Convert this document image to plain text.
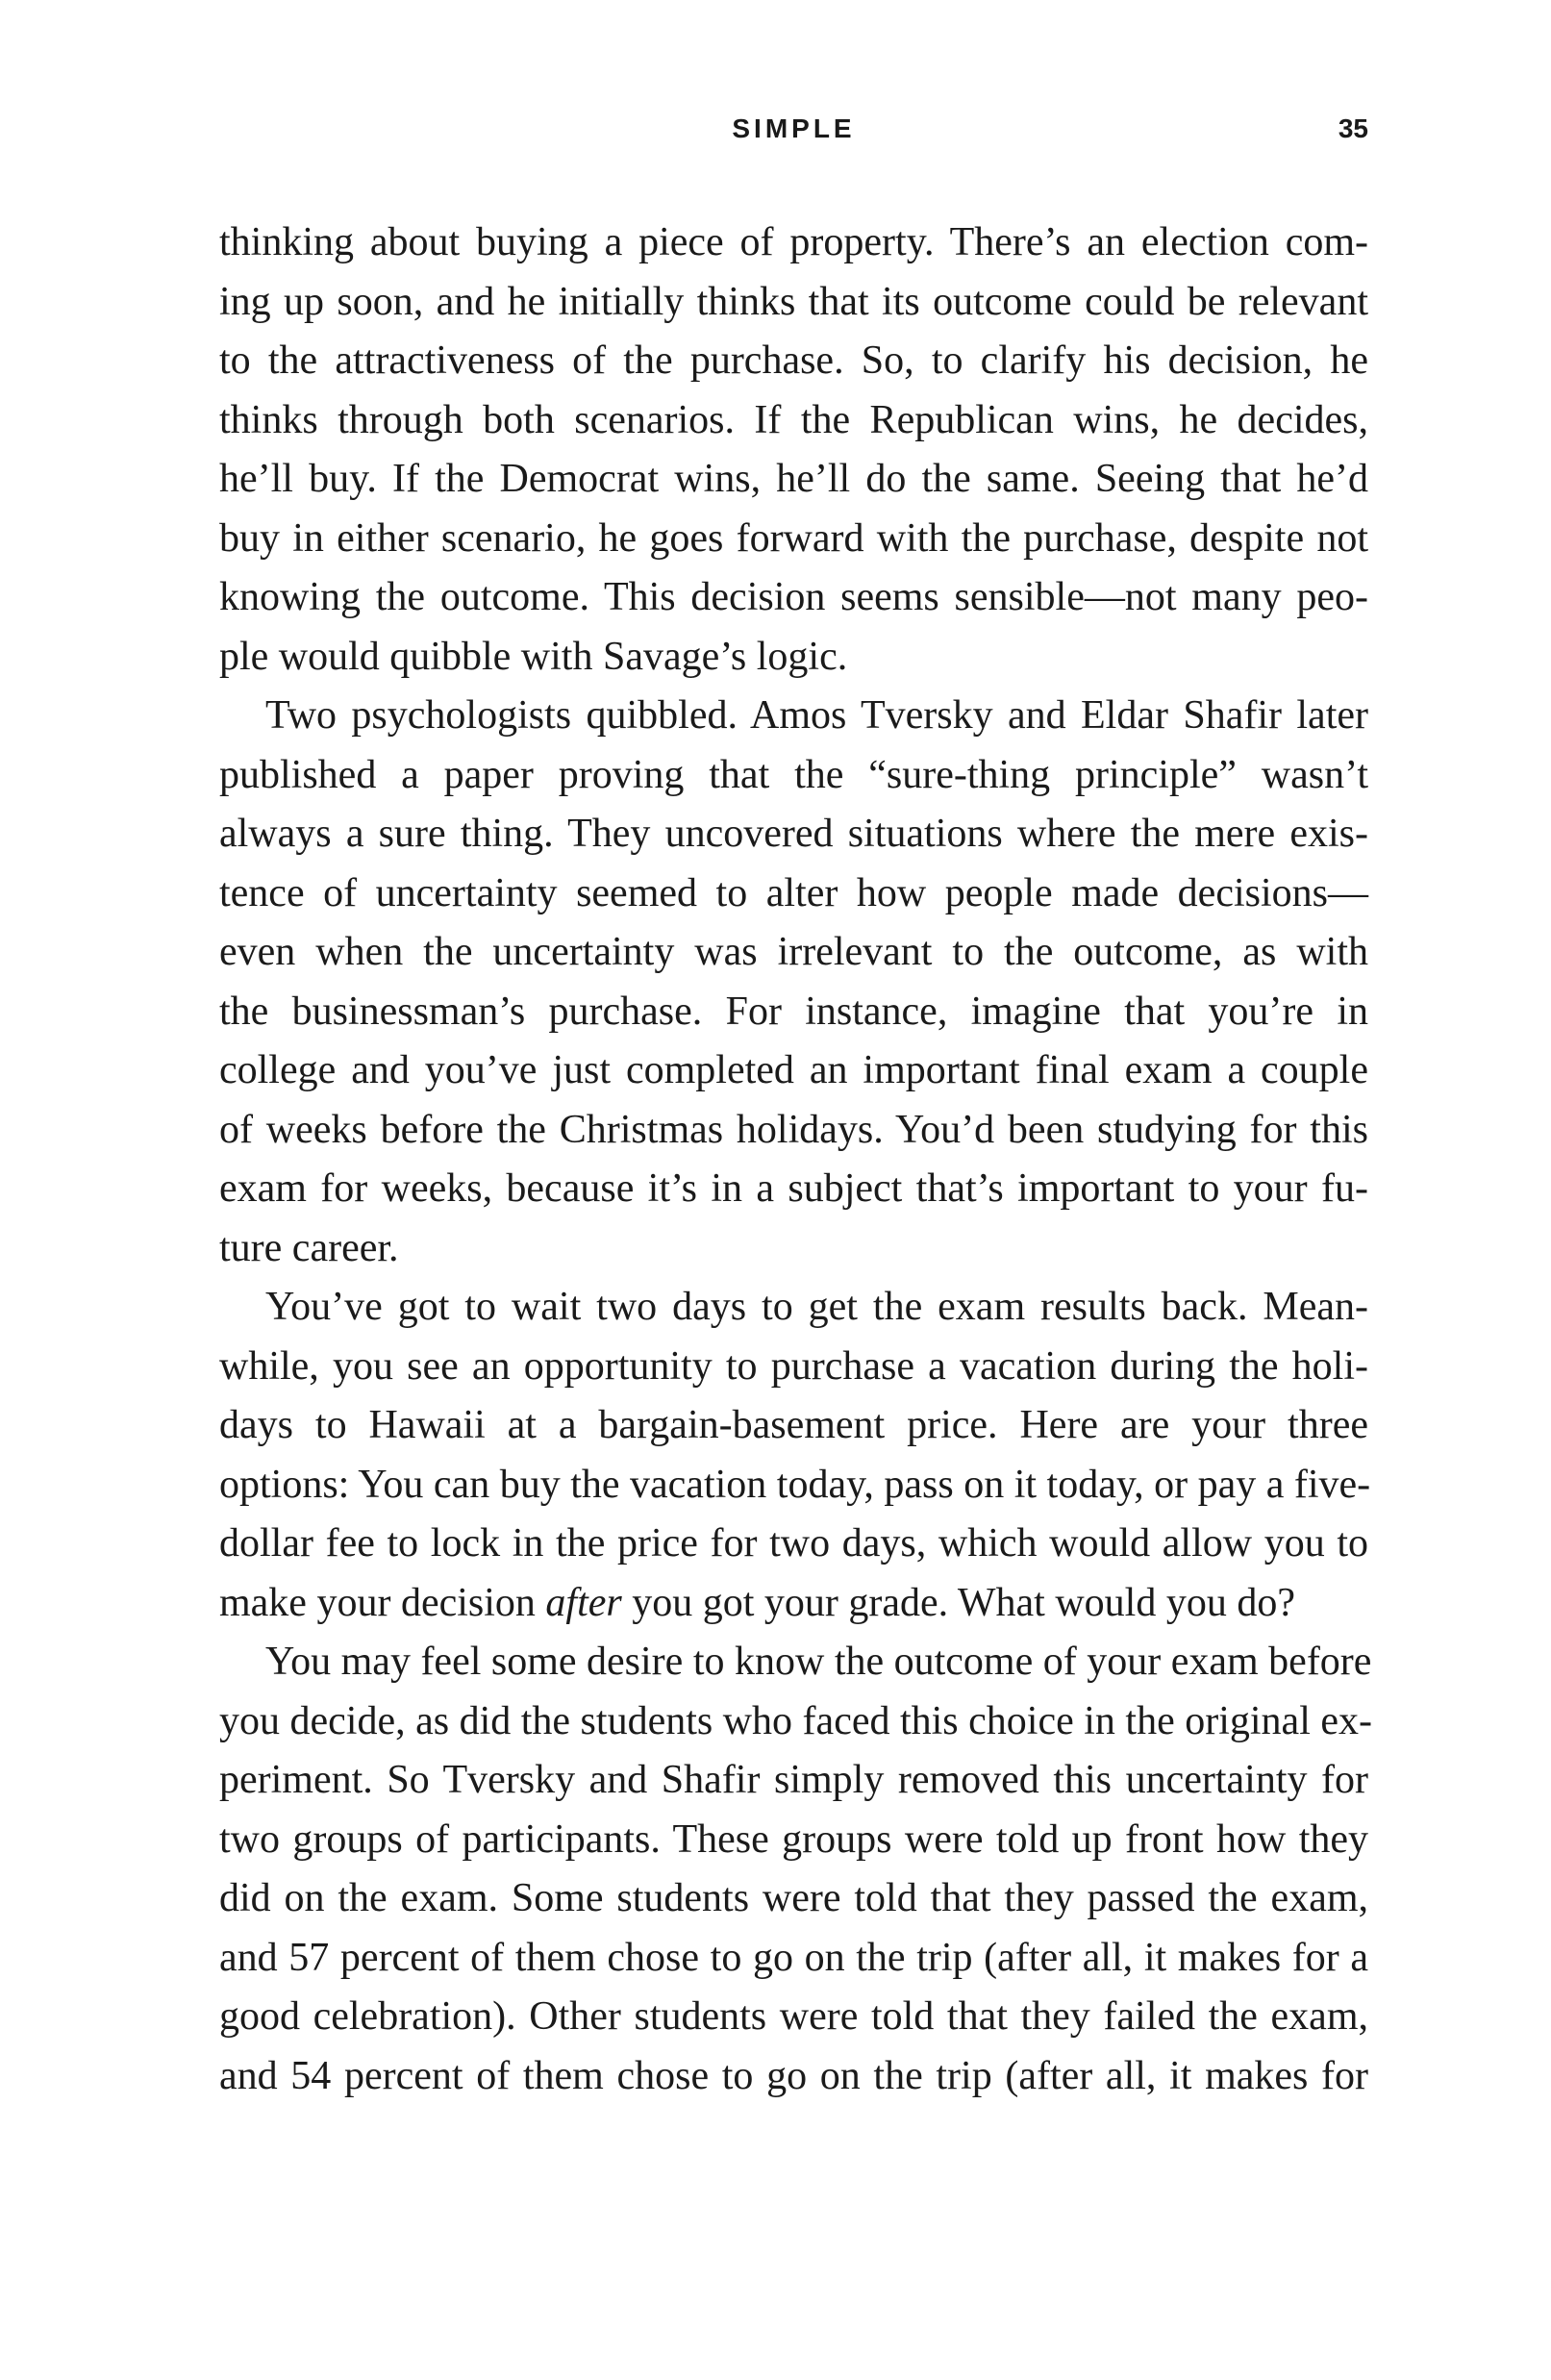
SIMPLE	35
thinking about buying a piece of property. There’s an election com-
ing up soon, and he initially thinks that its outcome could be relevant
to the attractiveness of the purchase. So, to clarify his decision, he
thinks through both scenarios. If the Republican wins, he decides,
he’ll buy. If the Democrat wins, he’ll do the same. Seeing that he’d
buy in either scenario, he goes forward with the purchase, despite not
knowing the outcome. This decision seems sensible—not many peo-
ple would quibble with Savage’s logic.
Two psychologists quibbled. Amos Tversky and Eldar Shafir later
published a paper proving that the “sure-thing principle” wasn’t
always a sure thing. They uncovered situations where the mere exis-
tence of uncertainty seemed to alter how people made decisions—
even when the uncertainty was irrelevant to the outcome, as with
the businessman’s purchase. For instance, imagine that you’re in
college and you’ve just completed an important final exam a couple
of weeks before the Christmas holidays. You’d been studying for this
exam for weeks, because it’s in a subject that’s important to your fu-
ture career.
You’ve got to wait two days to get the exam results back. Mean-
while, you see an opportunity to purchase a vacation during the holi-
days to Hawaii at a bargain-basement price. Here are your three
options: You can buy the vacation today, pass on it today, or pay a five-
dollar fee to lock in the price for two days, which would allow you to
make your decision after you got your grade. What would you do?
You may feel some desire to know the outcome of your exam before
you decide, as did the students who faced this choice in the original ex-
periment. So Tversky and Shafir simply removed this uncertainty for
two groups of participants. These groups were told up front how they
did on the exam. Some students were told that they passed the exam,
and 57 percent of them chose to go on the trip (after all, it makes for a
good celebration). Other students were told that they failed the exam,
and 54 percent of them chose to go on the trip (after all, it makes for
